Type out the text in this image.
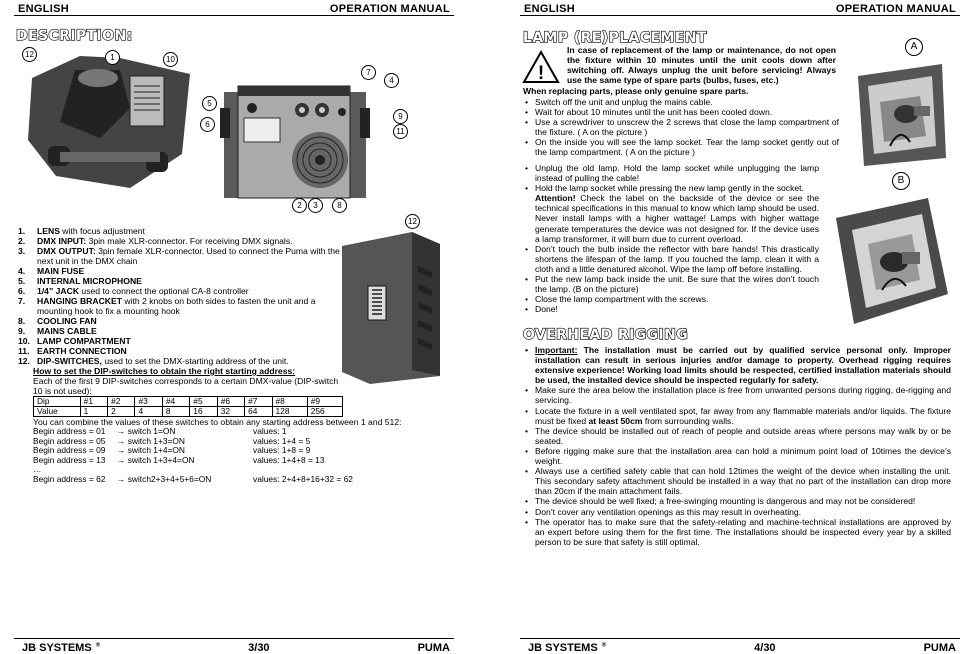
ENGLISH	OPERATION MANUAL
DESCRIPTION:
12	1	10
5
6
7
4
9
11
2	3	8
12
1. LENS with focus adjustment
2. DMX INPUT: 3pin male XLR-connector. For receiving DMX signals.
3. DMX OUTPUT: 3pin female XLR-connector. Used to connect the Puma with the next unit in the DMX chain
4. MAIN FUSE
5. INTERNAL MICROPHONE
6. 1/4” JACK used to connect the optional CA-8 controller
7. HANGING BRACKET with 2 knobs on both sides to fasten the unit and a mounting hook to fix a mounting hook
8. COOLING FAN
9. MAINS CABLE
10. LAMP COMPARTMENT
11. EARTH CONNECTION
12. DIP-SWITCHES, used to set the DMX-starting address of the unit.
How to set the DIP-switches to obtain the right starting address:
Each of the first 9 DIP-switches corresponds to a certain DMX-value (DIP-switch 10 is not used):
Dip	#1	#2	#3	#4	#5	#6	#7	#8	#9
Value	1	2	4	8	16	32	64	128	256
You can combine the values of these switches to obtain any starting address between 1 and 512:
Begin address = 01	→ switch 1=ON	values: 1
Begin address = 05	→ switch 1+3=ON	values: 1+4 = 5
Begin address = 09	→ switch 1+4=ON	values: 1+8 = 9
Begin address = 13	→ switch 1+3+4=ON	values: 1+4+8 = 13
…
Begin address = 62	→ switch2+3+4+5+6=ON	values: 2+4+8+16+32 = 62
JB SYSTEMS ®	3/30	PUMA
ENGLISH	OPERATION MANUAL
LAMP (RE)PLACEMENT
!
In case of replacement of the lamp or maintenance, do not open the fixture within 10 minutes until the unit cools down after switching off. Always unplug the unit before servicing! Always use the same type of spare parts (bulbs, fuses, etc.)
When replacing parts, please only genuine spare parts.
• Switch off the unit and unplug the mains cable.
• Wait for about 10 minutes until the unit has been cooled down.
• Use a screwdriver to unscrew the 2 screws that close the lamp compartment of the fixture. ( A on the picture )
• On the inside you will see the lamp socket. Tear the lamp socket gently out of the lamp compartment. ( A on the picture )
• Unplug the old lamp. Hold the lamp socket while unplugging the lamp instead of pulling the cable!
• Hold the lamp socket while pressing the new lamp gently in the socket.
Attention! Check the label on the backside of the device or see the technical specifications in this manual to know which lamp should be used. Never install lamps with a higher wattage! Lamps with higher wattage generate temperatures the device was not designed for. If the device uses a lamp transformer, it will burn due to current overload.
• Don’t touch the bulb inside the reflector with bare hands! This drastically shortens the lifespan of the lamp. If you touched the lamp, clean it with a cloth and a little denatured alcohol. Wipe the lamp off before installing.
• Put the new lamp back inside the unit. Be sure that the wires don’t touch the lamp. (B on the picture)
• Close the lamp compartment with the screws.
• Done!
A
B
OVERHEAD RIGGING
• Important: The installation must be carried out by qualified service personal only. Improper installation can result in serious injuries and/or damage to property. Overhead rigging requires extensive experience! Working load limits should be respected, certified installation materials should be used, the installed device should be inspected regularly for safety.
• Make sure the area below the installation place is free from unwanted persons during rigging, de-rigging and servicing.
• Locate the fixture in a well ventilated spot, far away from any flammable materials and/or liquids. The fixture must be fixed at least 50cm from surrounding walls.
• The device should be installed out of reach of people and outside areas where persons may walk by or be seated.
• Before rigging make sure that the installation area can hold a minimum point load of 10times the device’s weight.
• Always use a certified safety cable that can hold 12times the weight of the device when installing the unit. This secondary safety attachment should be installed in a way that no part of the installation can drop more than 20cm if the main attachment fails.
• The device should be well fixed; a free-swinging mounting is dangerous and may not be considered!
• Don’t cover any ventilation openings as this may result in overheating.
• The operator has to make sure that the safety-relating and machine-technical installations are approved by an expert before using them for the first time. The installations should be inspected every year by a skilled person to be sure that safety is still optimal.
JB SYSTEMS ®	4/30	PUMA
